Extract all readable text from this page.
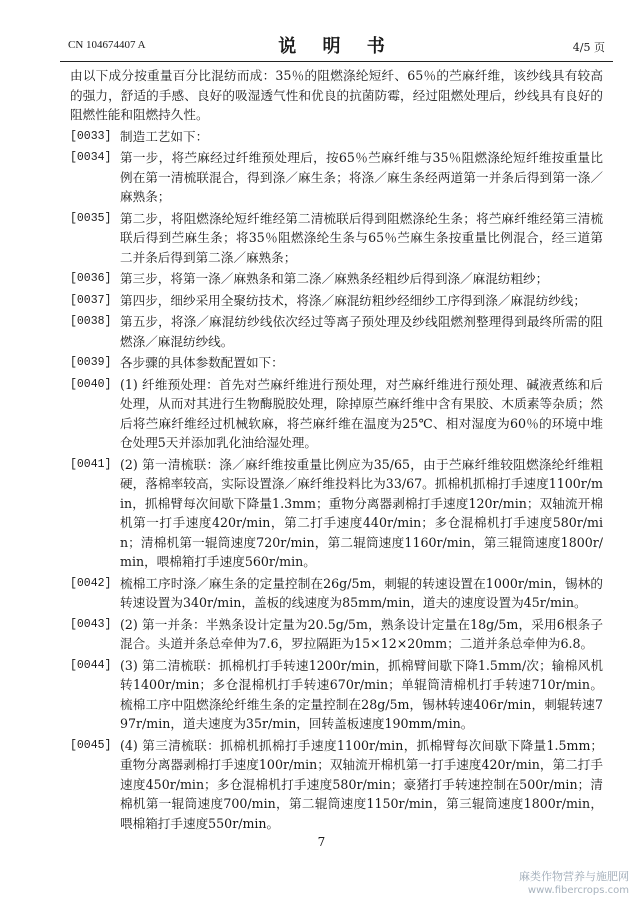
CN 104674407 A	说 明 书	4/5 页

由以下成分按重量百分比混纺而成：35％的阻燃涤纶短纤、65％的苎麻纤维，该纱线具有较高的强力，舒适的手感、良好的吸湿透气性和优良的抗菌防霉，经过阻燃处理后，纱线具有良好的阻燃性能和阻燃持久性。

[0033] 制造工艺如下：
[0034] 第一步，将苎麻经过纤维预处理后，按65％苎麻纤维与35％阻燃涤纶短纤维按重量比例在第一清梳联混合，得到涤／麻生条；将涤／麻生条经两道第一并条后得到第一涤／麻熟条；
[0035] 第二步，将阻燃涤纶短纤维经第二清梳联后得到阻燃涤纶生条；将苎麻纤维经第三清梳联后得到苎麻生条；将35％阻燃涤纶生条与65％苎麻生条按重量比例混合，经三道第二并条后得到第二涤／麻熟条；
[0036] 第三步，将第一涤／麻熟条和第二涤／麻熟条经粗纱后得到涤／麻混纺粗纱；
[0037] 第四步，细纱采用全聚纺技术，将涤／麻混纺粗纱经细纱工序得到涤／麻混纺纱线；
[0038] 第五步，将涤／麻混纺纱线依次经过等离子预处理及纱线阻燃剂整理得到最终所需的阻燃涤／麻混纺纱线。
[0039] 各步骤的具体参数配置如下：
[0040] (1) 纤维预处理：首先对苎麻纤维进行预处理，对苎麻纤维进行预处理、碱液煮练和后处理，从而对其进行生物酶脱胶处理，除掉原苎麻纤维中含有果胶、木质素等杂质；然后将苎麻纤维经过机械软麻，将苎麻纤维在温度为25℃、相对湿度为60％的环境中堆仓处理5天并添加乳化油给湿处理。
[0041] (2) 第一清梳联：涤／麻纤维按重量比例应为35/65，由于苎麻纤维较阻燃涤纶纤维粗硬，落棉率较高，实际设置涤／麻纤维投料比为33/67。抓棉机抓棉打手速度1100r/min，抓棉臂每次间歇下降量1.3mm；重物分离器剥棉打手速度120r/min；双轴流开棉机第一打手速度420r/min，第二打手速度440r/min；多仓混棉机打手速度580r/min；清棉机第一辊筒速度720r/min，第二辊筒速度1160r/min，第三辊筒速度1800r/min，喂棉箱打手速度560r/min。
[0042] 梳棉工序时涤／麻生条的定量控制在26g/5m，刺辊的转速设置在1000r/min，锡林的转速设置为340r/min，盖板的线速度为85mm/min，道夫的速度设置为45r/min。
[0043] (2) 第一并条：半熟条设计定量为20.5g/5m，熟条设计定量在18g/5m，采用6根条子混合。头道并条总牵伸为7.6，罗拉隔距为15×12×20mm；二道并条总牵伸为6.8。
[0044] (3) 第二清梳联：抓棉机打手转速1200r/min，抓棉臂间歇下降1.5mm/次；输棉风机转1400r/min；多仓混棉机打手转速670r/min；单辊筒清棉机打手转速710r/min。梳棉工序中阻燃涤纶纤维生条的定量控制在28g/5m，锡林转速406r/min，刺辊转速797r/min，道夫速度为35r/min，回转盖板速度190mm/min。
[0045] (4) 第三清梳联：抓棉机抓棉打手速度1100r/min，抓棉臂每次间歇下降量1.5mm；重物分离器剥棉打手速度100r/min；双轴流开棉机第一打手速度420r/min，第二打手速度450r/min；多仓混棉机打手速度580r/min；豪猪打手转速控制在500r/min；清棉机第一辊筒速度700/min，第二辊筒速度1150r/min，第三辊筒速度1800r/min，喂棉箱打手速度550r/min。
7
麻类作物营养与施肥网
www.fibercrops.com
